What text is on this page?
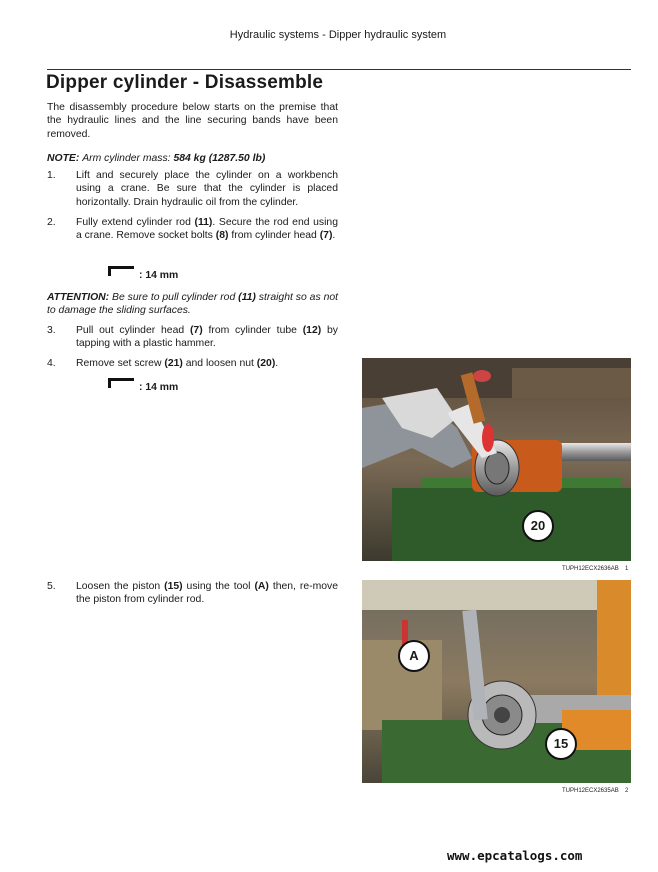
Hydraulic systems - Dipper hydraulic system
Dipper cylinder - Disassemble
The disassembly procedure below starts on the premise that the hydraulic lines and the line securing bands have been removed.
NOTE: Arm cylinder mass: 584 kg (1287.50 lb)
1. Lift and securely place the cylinder on a workbench using a crane. Be sure that the cylinder is placed horizontally. Drain hydraulic oil from the cylinder.
2. Fully extend cylinder rod (11). Secure the rod end using a crane. Remove socket bolts (8) from cylinder head (7).
: 14 mm
ATTENTION: Be sure to pull cylinder rod (11) straight so as not to damage the sliding surfaces.
3. Pull out cylinder head (7) from cylinder tube (12) by tapping with a plastic hammer.
4. Remove set screw (21) and loosen nut (20).
: 14 mm
5. Loosen the piston (15) using the tool (A) then, re-move the piston from cylinder rod.
20
TUPH12ECX2636AB 1
A
15
TUPH12ECX2635AB 2
www.epcatalogs.com
